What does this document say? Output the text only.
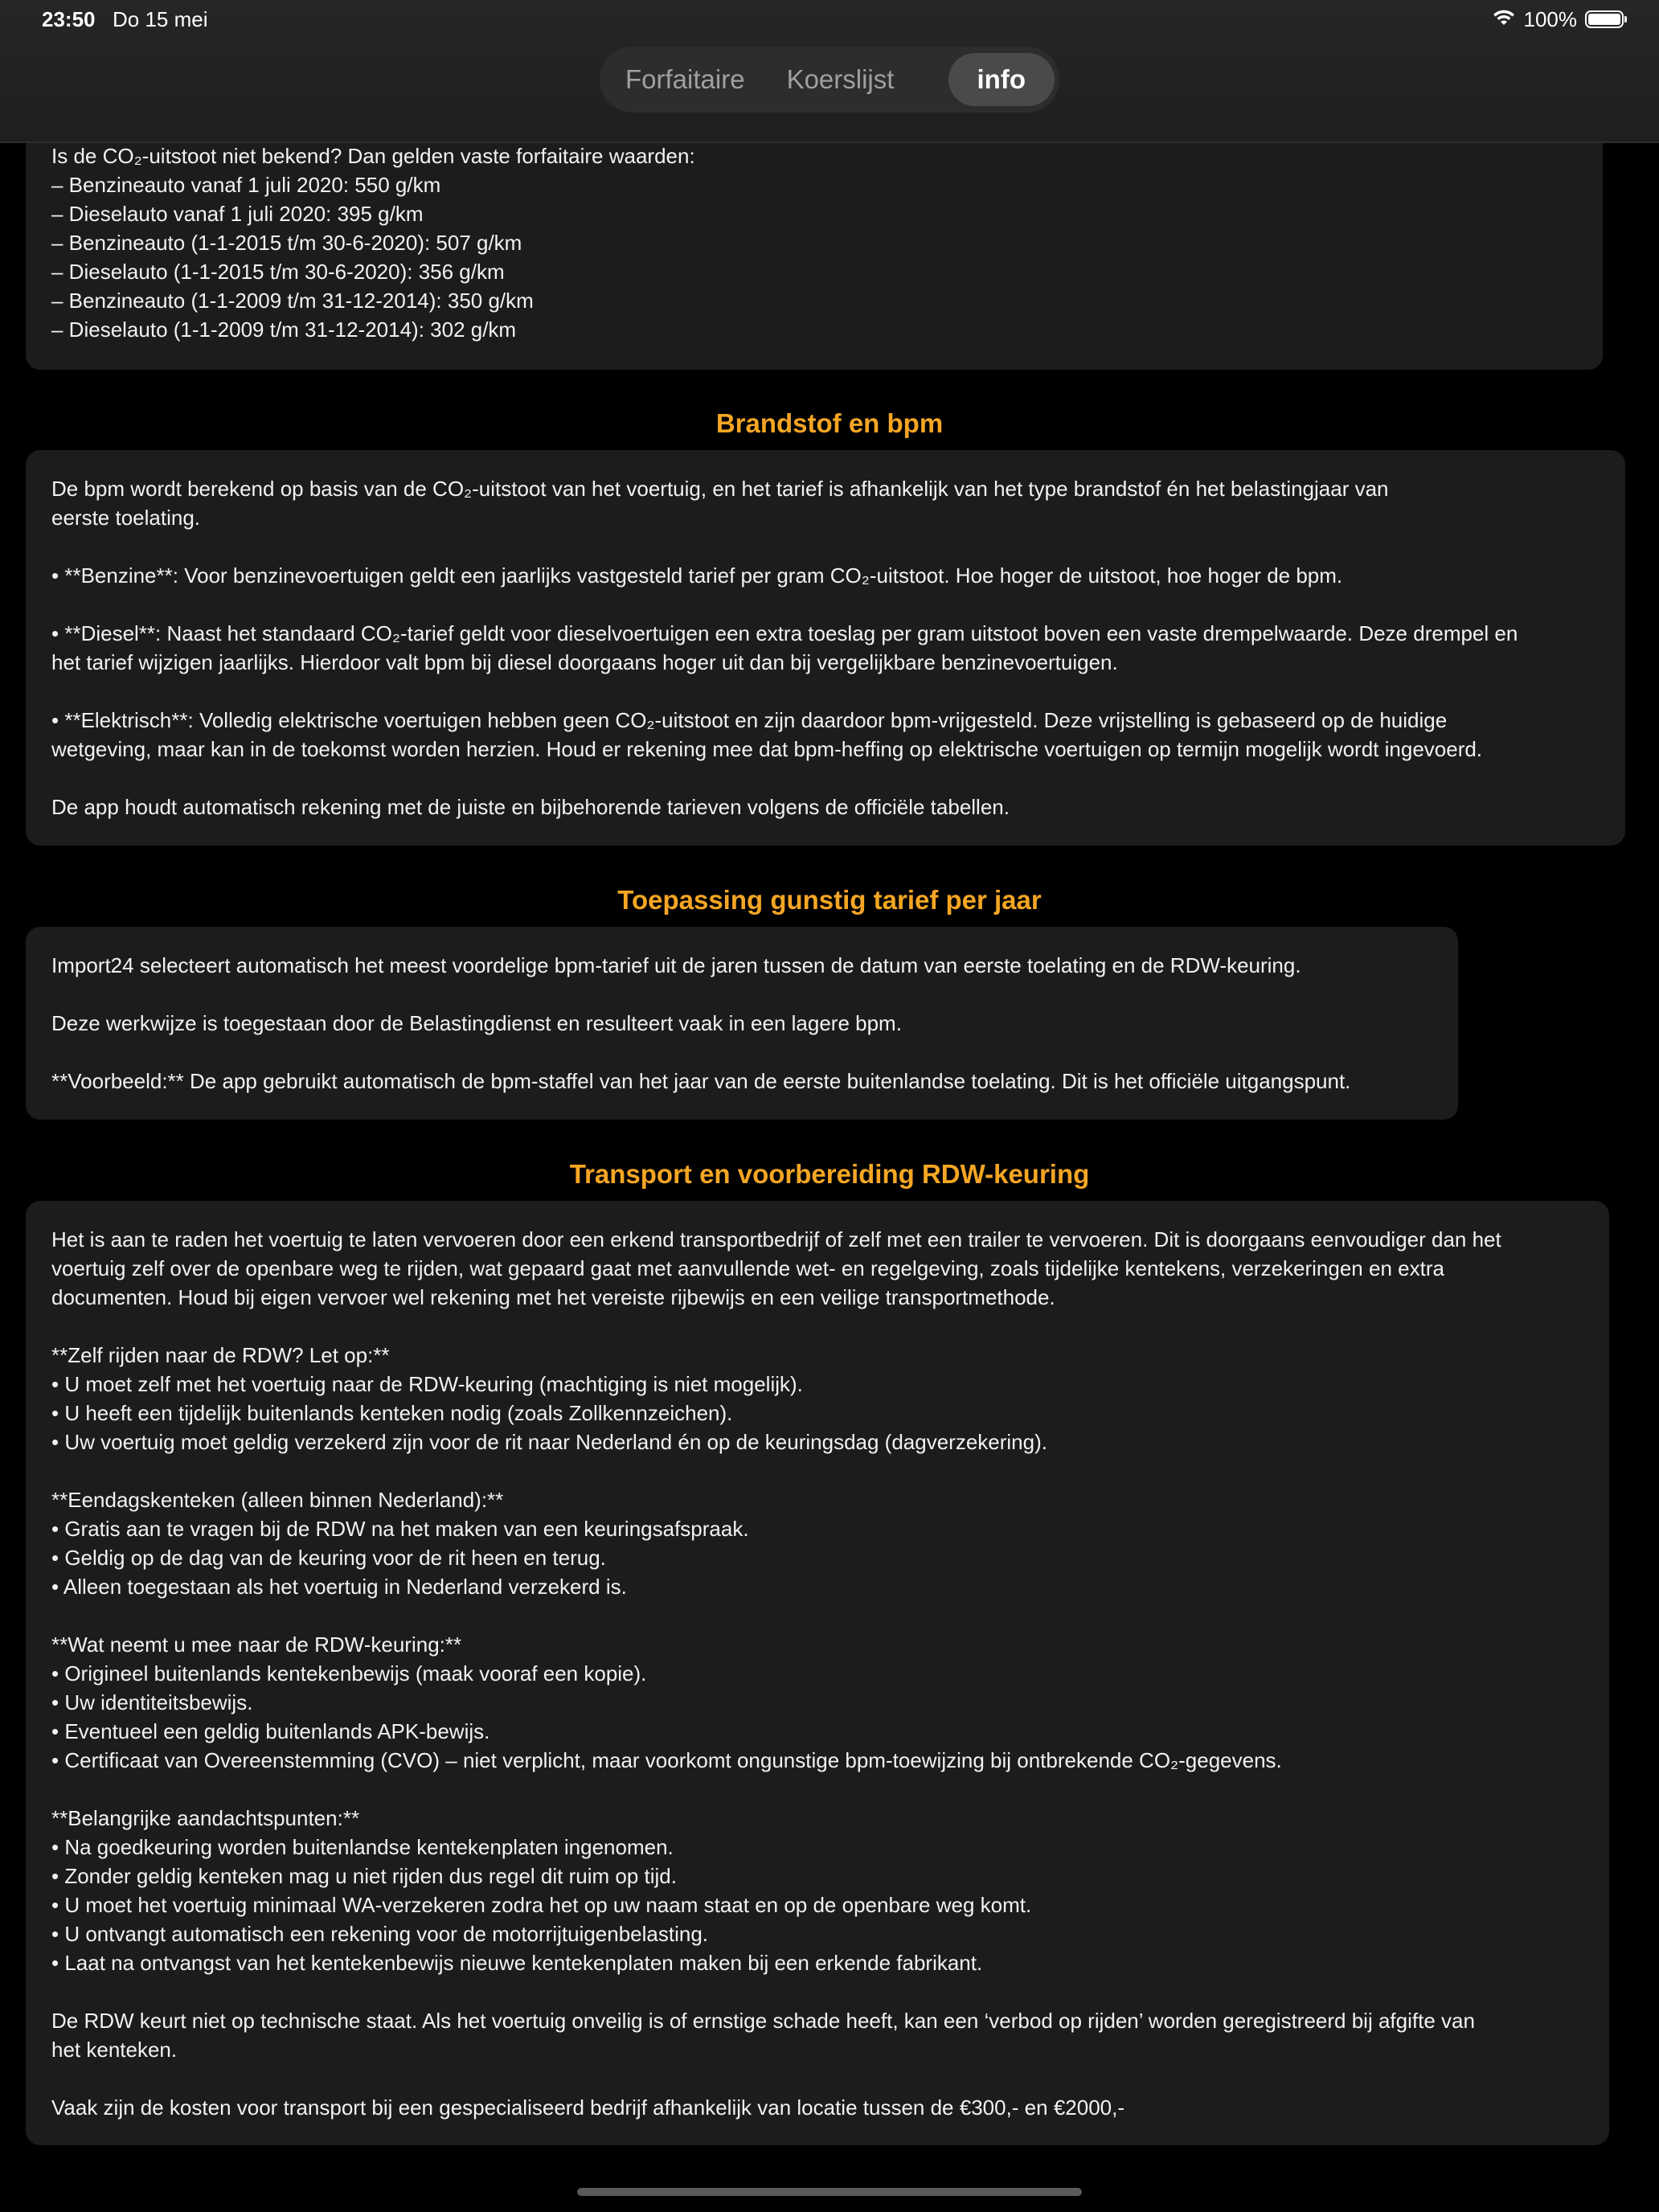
23:50 Do 15 mei	100%
Forfaitaire	Koerslijst	info

Is de CO₂-uitstoot niet bekend? Dan gelden vaste forfaitaire waarden:

– Benzineauto vanaf 1 juli 2020: 550 g/km

– Dieselauto vanaf 1 juli 2020: 395 g/km

– Benzineauto (1-1-2015 t/m 30-6-2020): 507 g/km

– Dieselauto (1-1-2015 t/m 30-6-2020): 356 g/km

– Benzineauto (1-1-2009 t/m 31-12-2014): 350 g/km

– Dieselauto (1-1-2009 t/m 31-12-2014): 302 g/km

Brandstof en bpm

De bpm wordt berekend op basis van de CO₂-uitstoot van het voertuig, en het tarief is afhankelijk van het type brandstof én het belastingjaar van
eerste toelating.

• **Benzine**: Voor benzinevoertuigen geldt een jaarlijks vastgesteld tarief per gram CO₂-uitstoot. Hoe hoger de uitstoot, hoe hoger de bpm.

• **Diesel**: Naast het standaard CO₂-tarief geldt voor dieselvoertuigen een extra toeslag per gram uitstoot boven een vaste drempelwaarde. Deze drempel en
het tarief wijzigen jaarlijks. Hierdoor valt bpm bij diesel doorgaans hoger uit dan bij vergelijkbare benzinevoertuigen.

• **Elektrisch**: Volledig elektrische voertuigen hebben geen CO₂-uitstoot en zijn daardoor bpm-vrijgesteld. Deze vrijstelling is gebaseerd op de huidige
wetgeving, maar kan in de toekomst worden herzien. Houd er rekening mee dat bpm-heffing op elektrische voertuigen op termijn mogelijk wordt ingevoerd.

De app houdt automatisch rekening met de juiste en bijbehorende tarieven volgens de officiële tabellen.

Toepassing gunstig tarief per jaar

Import24 selecteert automatisch het meest voordelige bpm-tarief uit de jaren tussen de datum van eerste toelating en de RDW-keuring.

Deze werkwijze is toegestaan door de Belastingdienst en resulteert vaak in een lagere bpm.

**Voorbeeld:** De app gebruikt automatisch de bpm-staffel van het jaar van de eerste buitenlandse toelating. Dit is het officiële uitgangspunt.

Transport en voorbereiding RDW-keuring

Het is aan te raden het voertuig te laten vervoeren door een erkend transportbedrijf of zelf met een trailer te vervoeren. Dit is doorgaans eenvoudiger dan het
voertuig zelf over de openbare weg te rijden, wat gepaard gaat met aanvullende wet- en regelgeving, zoals tijdelijke kentekens, verzekeringen en extra
documenten. Houd bij eigen vervoer wel rekening met het vereiste rijbewijs en een veilige transportmethode.

**Zelf rijden naar de RDW? Let op:**
• U moet zelf met het voertuig naar de RDW-keuring (machtiging is niet mogelijk).
• U heeft een tijdelijk buitenlands kenteken nodig (zoals Zollkennzeichen).
• Uw voertuig moet geldig verzekerd zijn voor de rit naar Nederland én op de keuringsdag (dagverzekering).

**Eendagskenteken (alleen binnen Nederland):**
• Gratis aan te vragen bij de RDW na het maken van een keuringsafspraak.
• Geldig op de dag van de keuring voor de rit heen en terug.
• Alleen toegestaan als het voertuig in Nederland verzekerd is.

**Wat neemt u mee naar de RDW-keuring:**
• Origineel buitenlands kentekenbewijs (maak vooraf een kopie).
• Uw identiteitsbewijs.
• Eventueel een geldig buitenlands APK-bewijs.
• Certificaat van Overeenstemming (CVO) – niet verplicht, maar voorkomt ongunstige bpm-toewijzing bij ontbrekende CO₂-gegevens.

**Belangrijke aandachtspunten:**
• Na goedkeuring worden buitenlandse kentekenplaten ingenomen.
• Zonder geldig kenteken mag u niet rijden dus regel dit ruim op tijd.
• U moet het voertuig minimaal WA-verzekeren zodra het op uw naam staat en op de openbare weg komt.
• U ontvangt automatisch een rekening voor de motorrijtuigenbelasting.
• Laat na ontvangst van het kentekenbewijs nieuwe kentekenplaten maken bij een erkende fabrikant.

De RDW keurt niet op technische staat. Als het voertuig onveilig is of ernstige schade heeft, kan een ‘verbod op rijden’ worden geregistreerd bij afgifte van
het kenteken.

Vaak zijn de kosten voor transport bij een gespecialiseerd bedrijf afhankelijk van locatie tussen de €300,- en €2000,-
